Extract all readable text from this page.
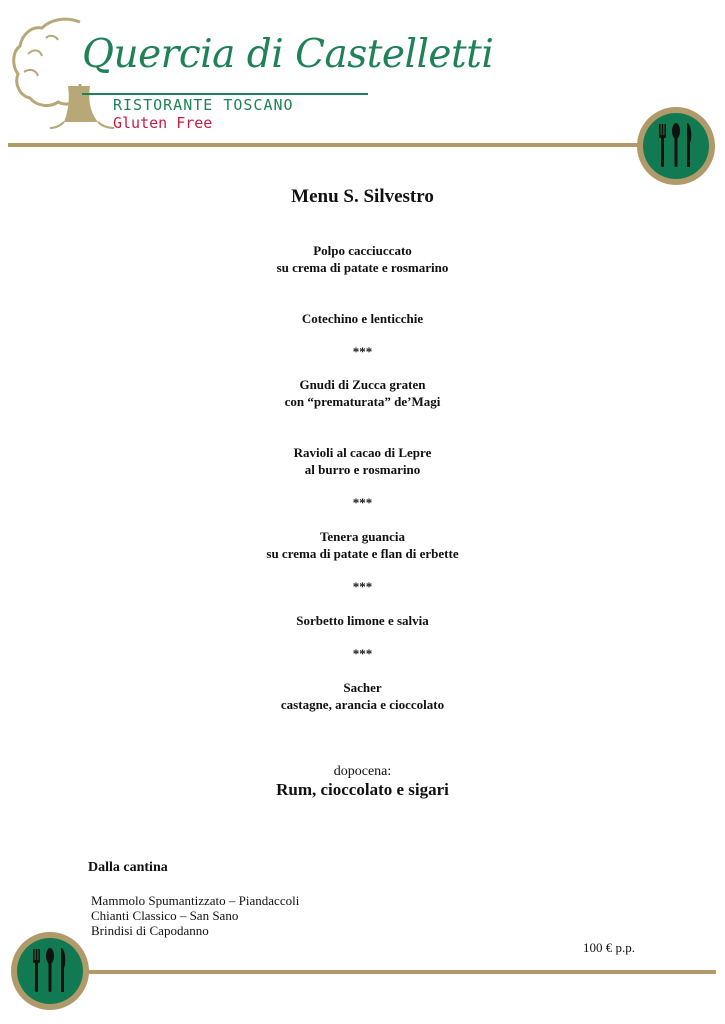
Quercia di Castelletti
RISTORANTE TOSCANO
Gluten Free
Menu S. Silvestro
Polpo cacciuccato
su crema di patate e rosmarino
Cotechino e lenticchie
***
Gnudi di Zucca graten
con “prematurata” de’Magi
Ravioli al cacao di Lepre
al burro e rosmarino
***
Tenera guancia
su crema di patate e flan di erbette
***
Sorbetto limone e salvia
***
Sacher
castagne, arancia e cioccolato
dopocena:
Rum, cioccolato e sigari
Dalla cantina
Mammolo Spumantizzato – Piandaccoli
Chianti Classico – San Sano
Brindisi di Capodanno
100 € p.p.
